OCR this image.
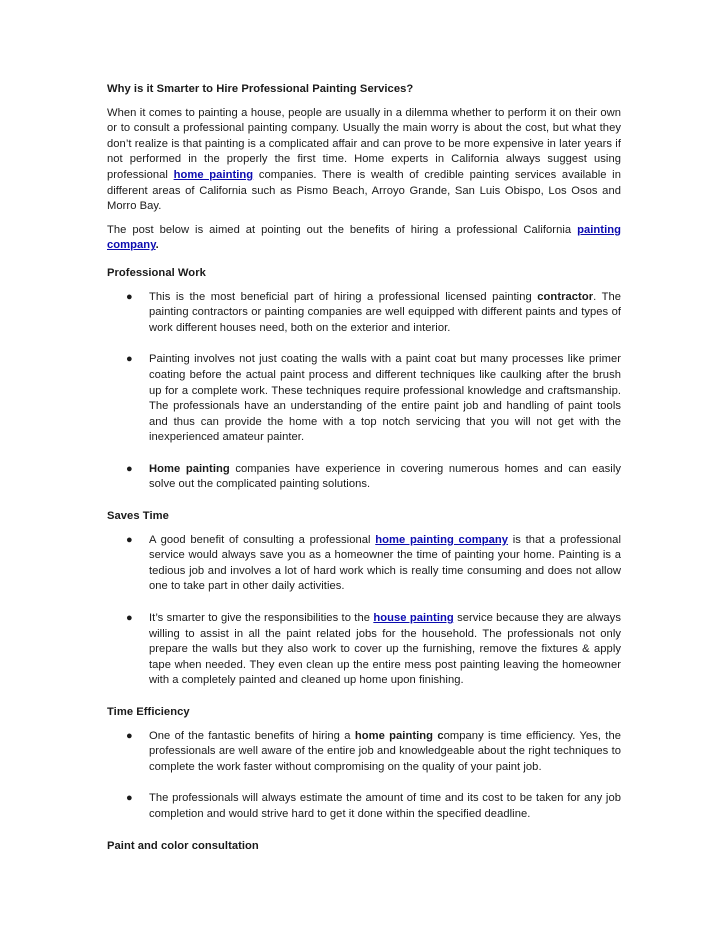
Why is it Smarter to Hire Professional Painting Services?

When it comes to painting a house, people are usually in a dilemma whether to perform it on their own or to consult a professional painting company. Usually the main worry is about the cost, but what they don’t realize is that painting is a complicated affair and can prove to be more expensive in later years if not performed in the properly the first time. Home experts in California always suggest using professional home painting companies. There is wealth of credible painting services available in different areas of California such as Pismo Beach, Arroyo Grande, San Luis Obispo, Los Osos and Morro Bay.

The post below is aimed at pointing out the benefits of hiring a professional California painting company.

Professional Work

● This is the most beneficial part of hiring a professional licensed painting contractor. The painting contractors or painting companies are well equipped with different paints and types of work different houses need, both on the exterior and interior.
● Painting involves not just coating the walls with a paint coat but many processes like primer coating before the actual paint process and different techniques like caulking after the brush up for a complete work. These techniques require professional knowledge and craftsmanship. The professionals have an understanding of the entire paint job and handling of paint tools and thus can provide the home with a top notch servicing that you will not get with the inexperienced amateur painter.
● Home painting companies have experience in covering numerous homes and can easily solve out the complicated painting solutions.

Saves Time

● A good benefit of consulting a professional home painting company is that a professional service would always save you as a homeowner the time of painting your home. Painting is a tedious job and involves a lot of hard work which is really time consuming and does not allow one to take part in other daily activities.
● It’s smarter to give the responsibilities to the house painting service because they are always willing to assist in all the paint related jobs for the household. The professionals not only prepare the walls but they also work to cover up the furnishing, remove the fixtures & apply tape when needed. They even clean up the entire mess post painting leaving the homeowner with a completely painted and cleaned up home upon finishing.

Time Efficiency

● One of the fantastic benefits of hiring a home painting company is time efficiency. Yes, the professionals are well aware of the entire job and knowledgeable about the right techniques to complete the work faster without compromising on the quality of your paint job.
● The professionals will always estimate the amount of time and its cost to be taken for any job completion and would strive hard to get it done within the specified deadline.

Paint and color consultation
